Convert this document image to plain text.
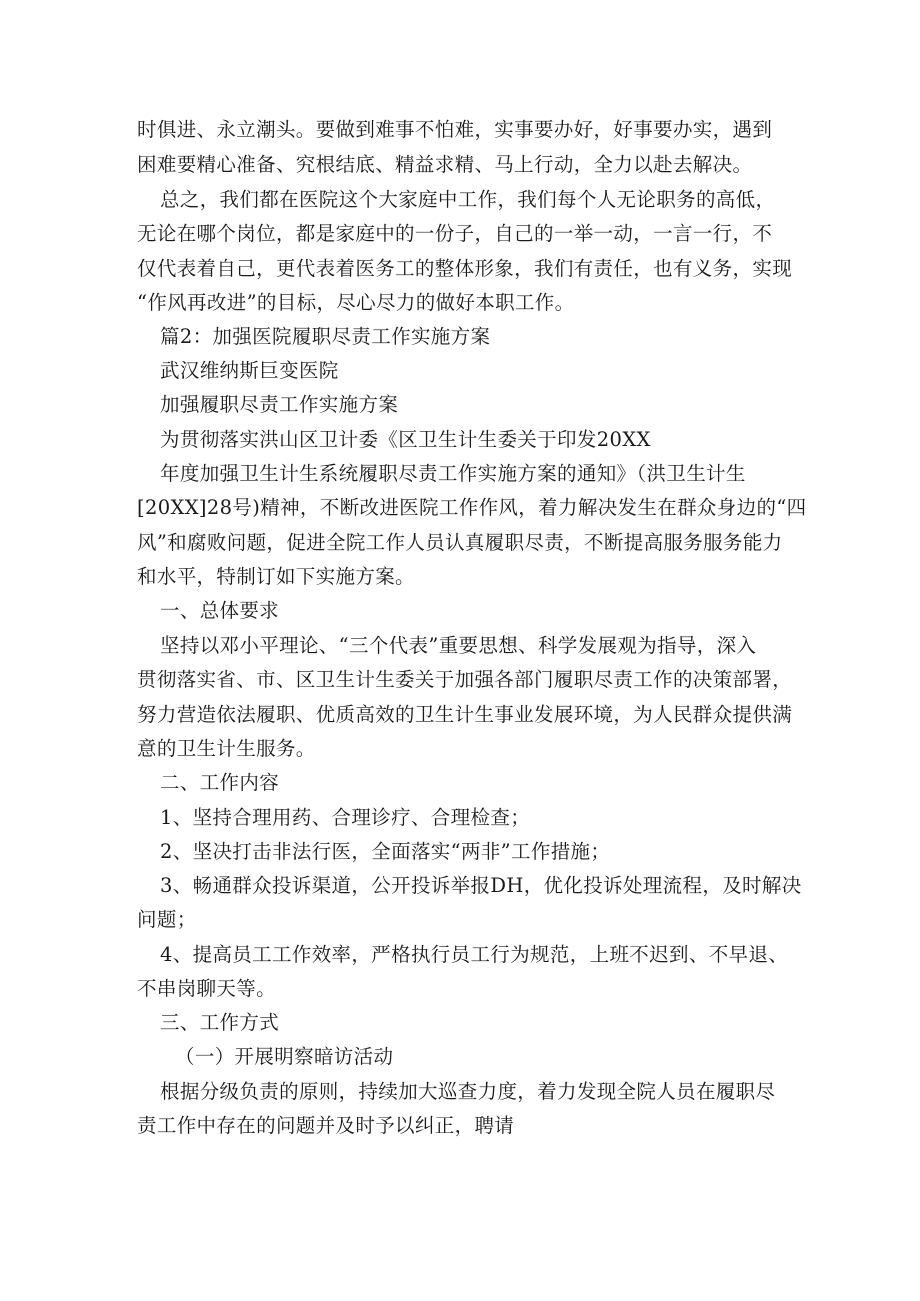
时俱进、永立潮头。要做到难事不怕难，实事要办好，好事要办实，遇到
困难要精心准备、究根结底、精益求精、马上行动，全力以赴去解决。
总之，我们都在医院这个大家庭中工作，我们每个人无论职务的高低，
无论在哪个岗位，都是家庭中的一份子，自己的一举一动，一言一行，不
仅代表着自己，更代表着医务工的整体形象，我们有责任，也有义务，实现
“作风再改进”的目标，尽心尽力的做好本职工作。
篇2：加强医院履职尽责工作实施方案
武汉维纳斯巨变医院
加强履职尽责工作实施方案
为贯彻落实洪山区卫计委《区卫生计生委关于印发20XX
年度加强卫生计生系统履职尽责工作实施方案的通知》（洪卫生计生
[20XX]28号)精神，不断改进医院工作作风，着力解决发生在群众身边的“四
风”和腐败问题，促进全院工作人员认真履职尽责，不断提高服务服务能力
和水平，特制订如下实施方案。
一、总体要求
坚持以邓小平理论、“三个代表”重要思想、科学发展观为指导，深入
贯彻落实省、市、区卫生计生委关于加强各部门履职尽责工作的决策部署，
努力营造依法履职、优质高效的卫生计生事业发展环境，为人民群众提供满
意的卫生计生服务。
二、工作内容
1、坚持合理用药、合理诊疗、合理检查；
2、坚决打击非法行医，全面落实“两非”工作措施；
3、畅通群众投诉渠道，公开投诉举报DH，优化投诉处理流程，及时解决
问题；
4、提高员工工作效率，严格执行员工行为规范，上班不迟到、不早退、
不串岗聊天等。
三、工作方式
（一）开展明察暗访活动
根据分级负责的原则，持续加大巡查力度，着力发现全院人员在履职尽
责工作中存在的问题并及时予以纠正，聘请
